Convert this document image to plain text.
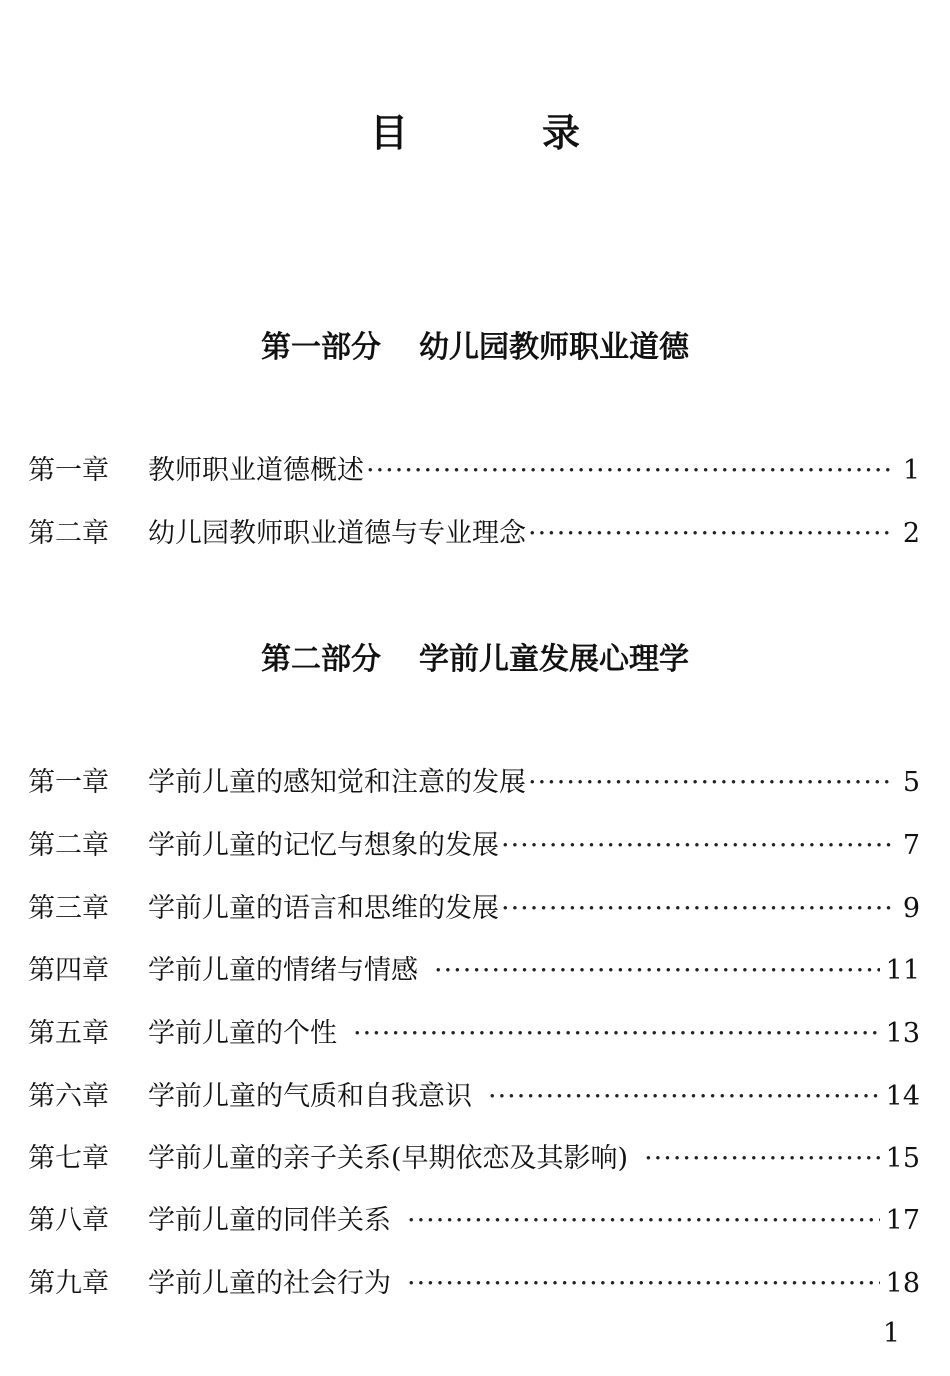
目　录
第一部分 幼儿园教师职业道德
第一章	教师职业道德概述 ·····	1
第二章	幼儿园教师职业道德与专业理念 ·····	2
第二部分 学前儿童发展心理学
第一章	学前儿童的感知觉和注意的发展 ·····	5
第二章	学前儿童的记忆与想象的发展 ·····	7
第三章	学前儿童的语言和思维的发展 ·····	9
第四章	学前儿童的情绪与情感 ·····	11
第五章	学前儿童的个性 ·····	13
第六章	学前儿童的气质和自我意识 ·····	14
第七章	学前儿童的亲子关系(早期依恋及其影响) ·····	15
第八章	学前儿童的同伴关系 ·····	17
第九章	学前儿童的社会行为 ·····	18
1
